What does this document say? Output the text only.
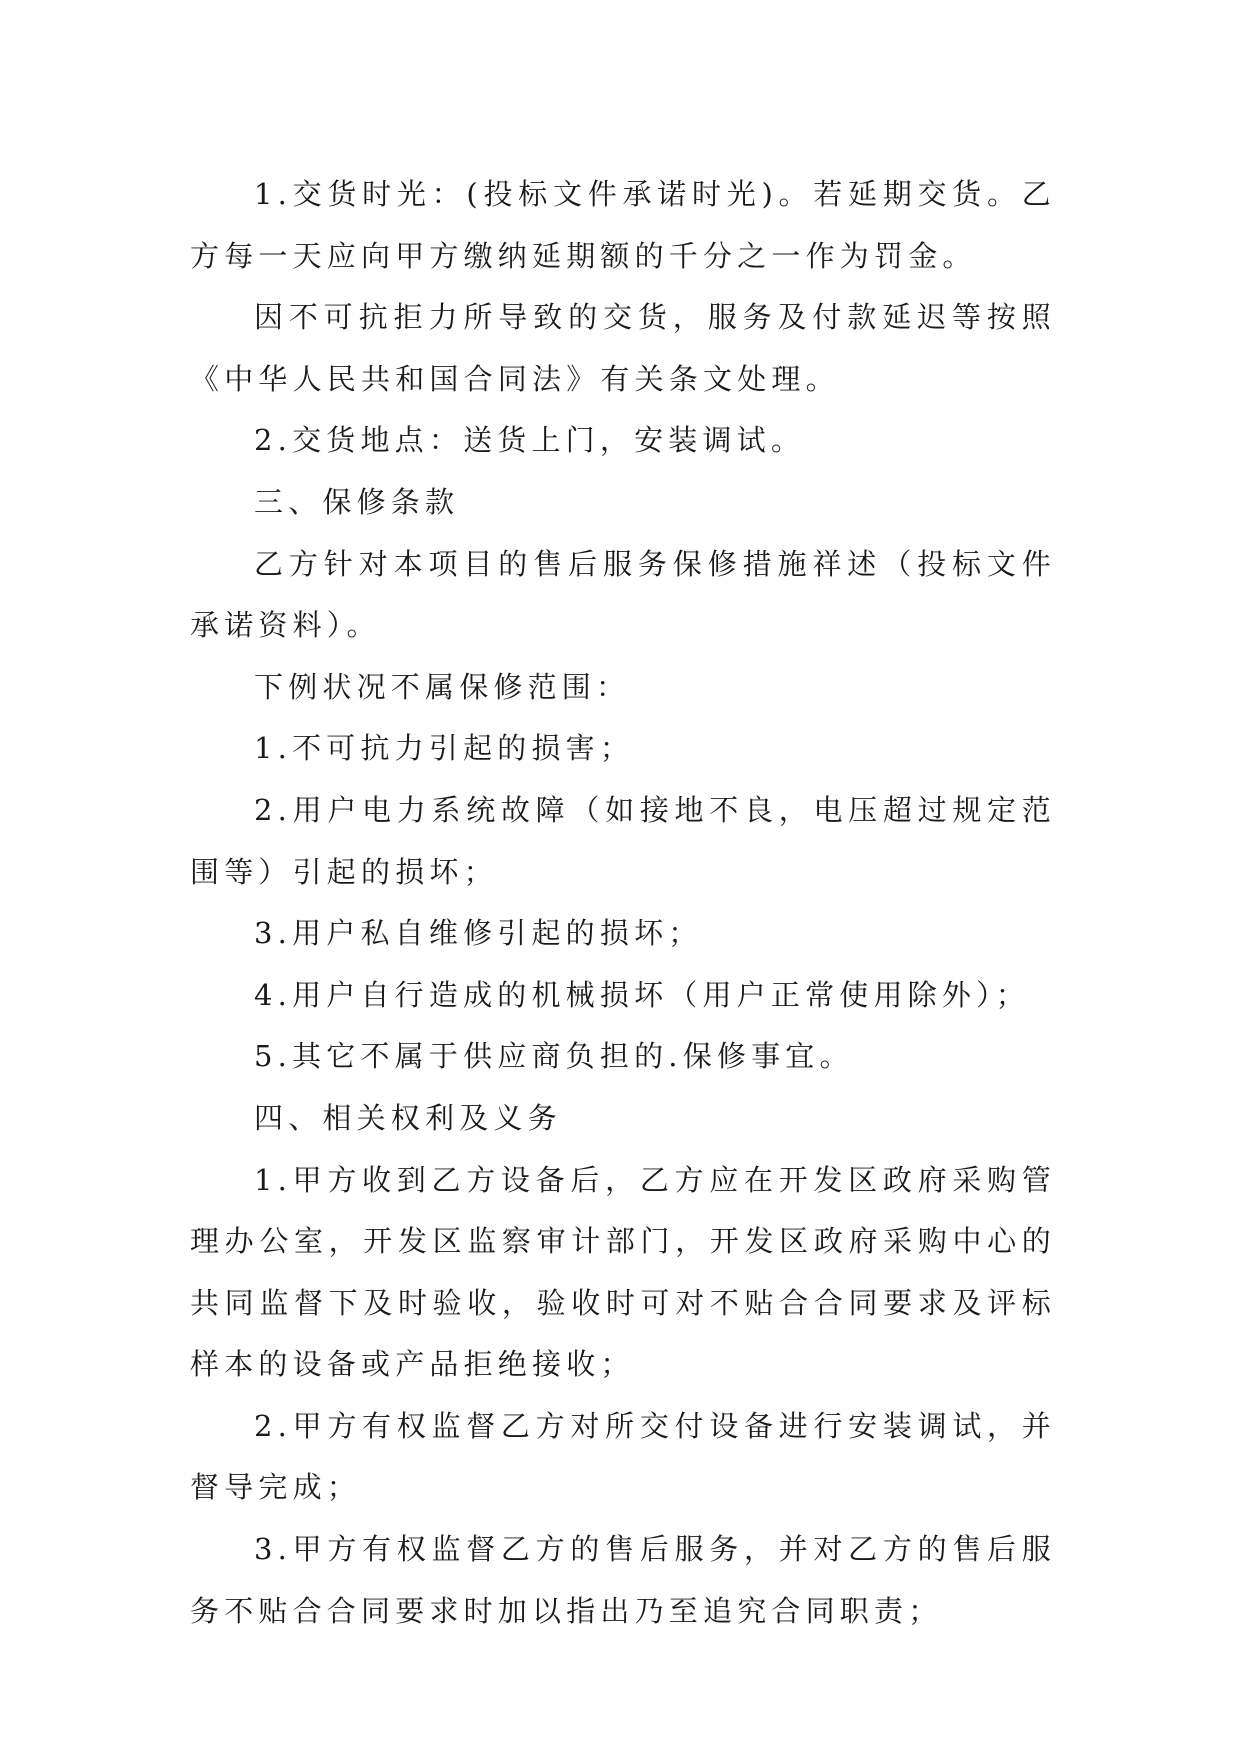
1.交货时光：(投标文件承诺时光)。若延期交货。乙方每一天应向甲方缴纳延期额的千分之一作为罚金。

因不可抗拒力所导致的交货，服务及付款延迟等按照《中华人民共和国合同法》有关条文处理。

2.交货地点：送货上门，安装调试。

三、保修条款

乙方针对本项目的售后服务保修措施祥述（投标文件承诺资料）。

下例状况不属保修范围：

1.不可抗力引起的损害；

2.用户电力系统故障（如接地不良，电压超过规定范围等）引起的损坏；

3.用户私自维修引起的损坏；

4.用户自行造成的机械损坏（用户正常使用除外）；

5.其它不属于供应商负担的.保修事宜。

四、相关权利及义务

1.甲方收到乙方设备后，乙方应在开发区政府采购管理办公室，开发区监察审计部门，开发区政府采购中心的共同监督下及时验收，验收时可对不贴合合同要求及评标样本的设备或产品拒绝接收；

2.甲方有权监督乙方对所交付设备进行安装调试，并督导完成；

3.甲方有权监督乙方的售后服务，并对乙方的售后服务不贴合合同要求时加以指出乃至追究合同职责；
